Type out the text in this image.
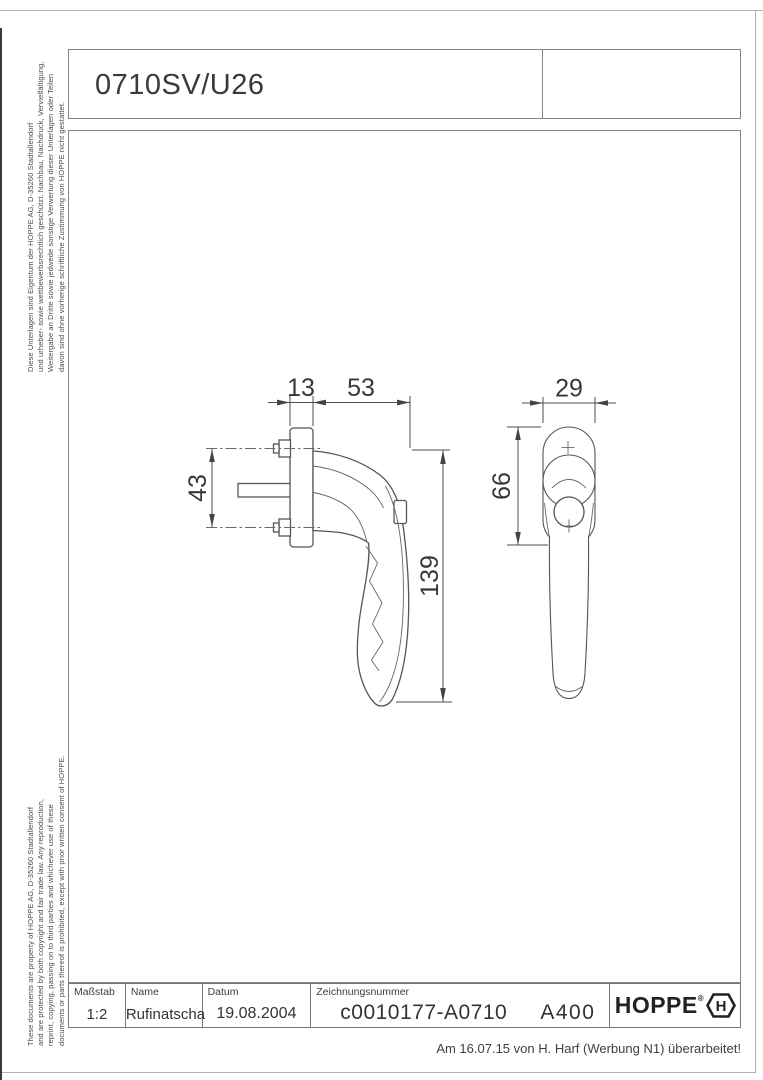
Diese Unterlagen sind Eigentum der HOPPE AG, D-35260 Stadtallendorf und urheber- sowie wettbewerbsrechtlich geschützt. Nachbau, Nachdruck, Vervielfältigung, Weitergabe an Dritte sowie jedwede sonstige Verwertung dieser Unterlagen oder Teilen davon sind ohne vorherige schriftliche Zustimmung von HOPPE nicht gestattet.
These documents are property of HOPPE AG, D-35260 Stadtallendorf and are protected by both copyright and fair trade law. Any reproduction, reprint, copying, passing on to third parties and whichever use of these documents or parts thereof is prohibited, except with prior written consent of HOPPE.
0710SV/U26
13 53
43
139
29
66
Maßstab
1:2
Name
Rufinatscha
Datum
19.08.2004
Zeichnungsnummer
c0010177-A0710	A400 HOPPE® H
Am 16.07.15 von H. Harf (Werbung N1) überarbeitet!
